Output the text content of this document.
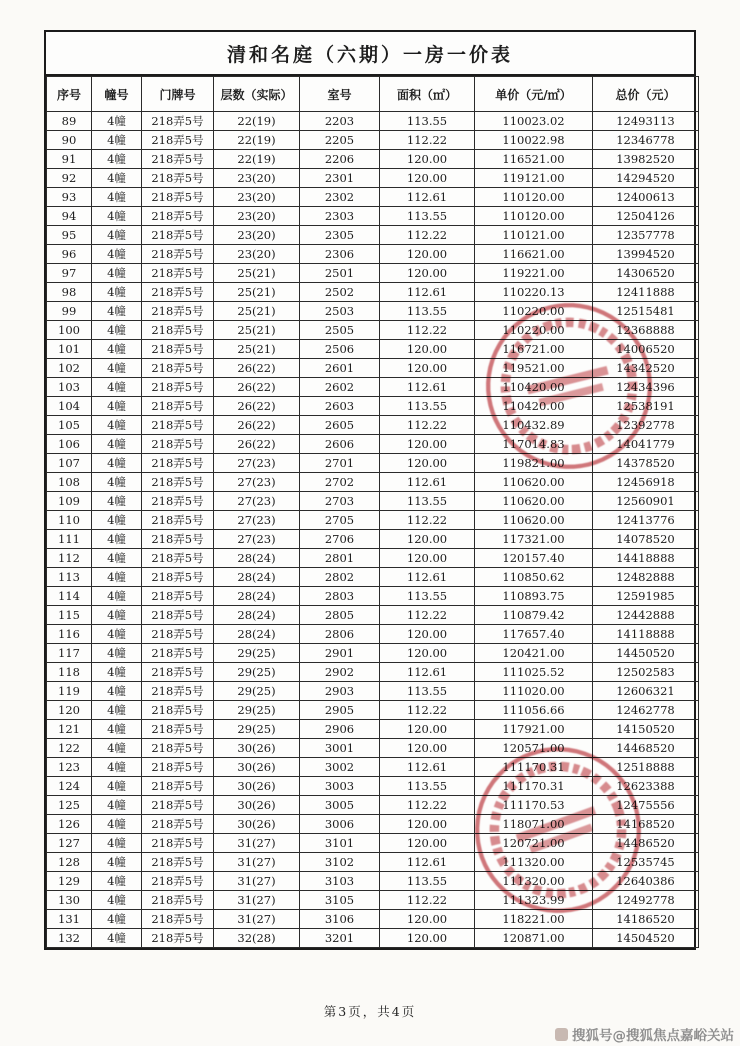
清和名庭（六期）一房一价表
序号	幢号	门牌号	层数（实际）	室号	面积（㎡）	单价（元/㎡）	总价（元）
89	4幢	218弄5号	22(19)	2203	113.55	110023.02	12493113
90	4幢	218弄5号	22(19)	2205	112.22	110022.98	12346778
91	4幢	218弄5号	22(19)	2206	120.00	116521.00	13982520
92	4幢	218弄5号	23(20)	2301	120.00	119121.00	14294520
93	4幢	218弄5号	23(20)	2302	112.61	110120.00	12400613
94	4幢	218弄5号	23(20)	2303	113.55	110120.00	12504126
95	4幢	218弄5号	23(20)	2305	112.22	110121.00	12357778
96	4幢	218弄5号	23(20)	2306	120.00	116621.00	13994520
97	4幢	218弄5号	25(21)	2501	120.00	119221.00	14306520
98	4幢	218弄5号	25(21)	2502	112.61	110220.13	12411888
99	4幢	218弄5号	25(21)	2503	113.55	110220.00	12515481
100	4幢	218弄5号	25(21)	2505	112.22	110220.00	12368888
101	4幢	218弄5号	25(21)	2506	120.00	116721.00	14006520
102	4幢	218弄5号	26(22)	2601	120.00	119521.00	14342520
103	4幢	218弄5号	26(22)	2602	112.61	110420.00	12434396
104	4幢	218弄5号	26(22)	2603	113.55	110420.00	12538191
105	4幢	218弄5号	26(22)	2605	112.22	110432.89	12392778
106	4幢	218弄5号	26(22)	2606	120.00	117014.83	14041779
107	4幢	218弄5号	27(23)	2701	120.00	119821.00	14378520
108	4幢	218弄5号	27(23)	2702	112.61	110620.00	12456918
109	4幢	218弄5号	27(23)	2703	113.55	110620.00	12560901
110	4幢	218弄5号	27(23)	2705	112.22	110620.00	12413776
111	4幢	218弄5号	27(23)	2706	120.00	117321.00	14078520
112	4幢	218弄5号	28(24)	2801	120.00	120157.40	14418888
113	4幢	218弄5号	28(24)	2802	112.61	110850.62	12482888
114	4幢	218弄5号	28(24)	2803	113.55	110893.75	12591985
115	4幢	218弄5号	28(24)	2805	112.22	110879.42	12442888
116	4幢	218弄5号	28(24)	2806	120.00	117657.40	14118888
117	4幢	218弄5号	29(25)	2901	120.00	120421.00	14450520
118	4幢	218弄5号	29(25)	2902	112.61	111025.52	12502583
119	4幢	218弄5号	29(25)	2903	113.55	111020.00	12606321
120	4幢	218弄5号	29(25)	2905	112.22	111056.66	12462778
121	4幢	218弄5号	29(25)	2906	120.00	117921.00	14150520
122	4幢	218弄5号	30(26)	3001	120.00	120571.00	14468520
123	4幢	218弄5号	30(26)	3002	112.61	111170.31	12518888
124	4幢	218弄5号	30(26)	3003	113.55	111170.31	12623388
125	4幢	218弄5号	30(26)	3005	112.22	111170.53	12475556
126	4幢	218弄5号	30(26)	3006	120.00	118071.00	14168520
127	4幢	218弄5号	31(27)	3101	120.00	120721.00	14486520
128	4幢	218弄5号	31(27)	3102	112.61	111320.00	12535745
129	4幢	218弄5号	31(27)	3103	113.55	111320.00	12640386
130	4幢	218弄5号	31(27)	3105	112.22	111323.99	12492778
131	4幢	218弄5号	31(27)	3106	120.00	118221.00	14186520
132	4幢	218弄5号	32(28)	3201	120.00	120871.00	14504520
第3页，共4页
搜狐号@搜狐焦点嘉峪关站
